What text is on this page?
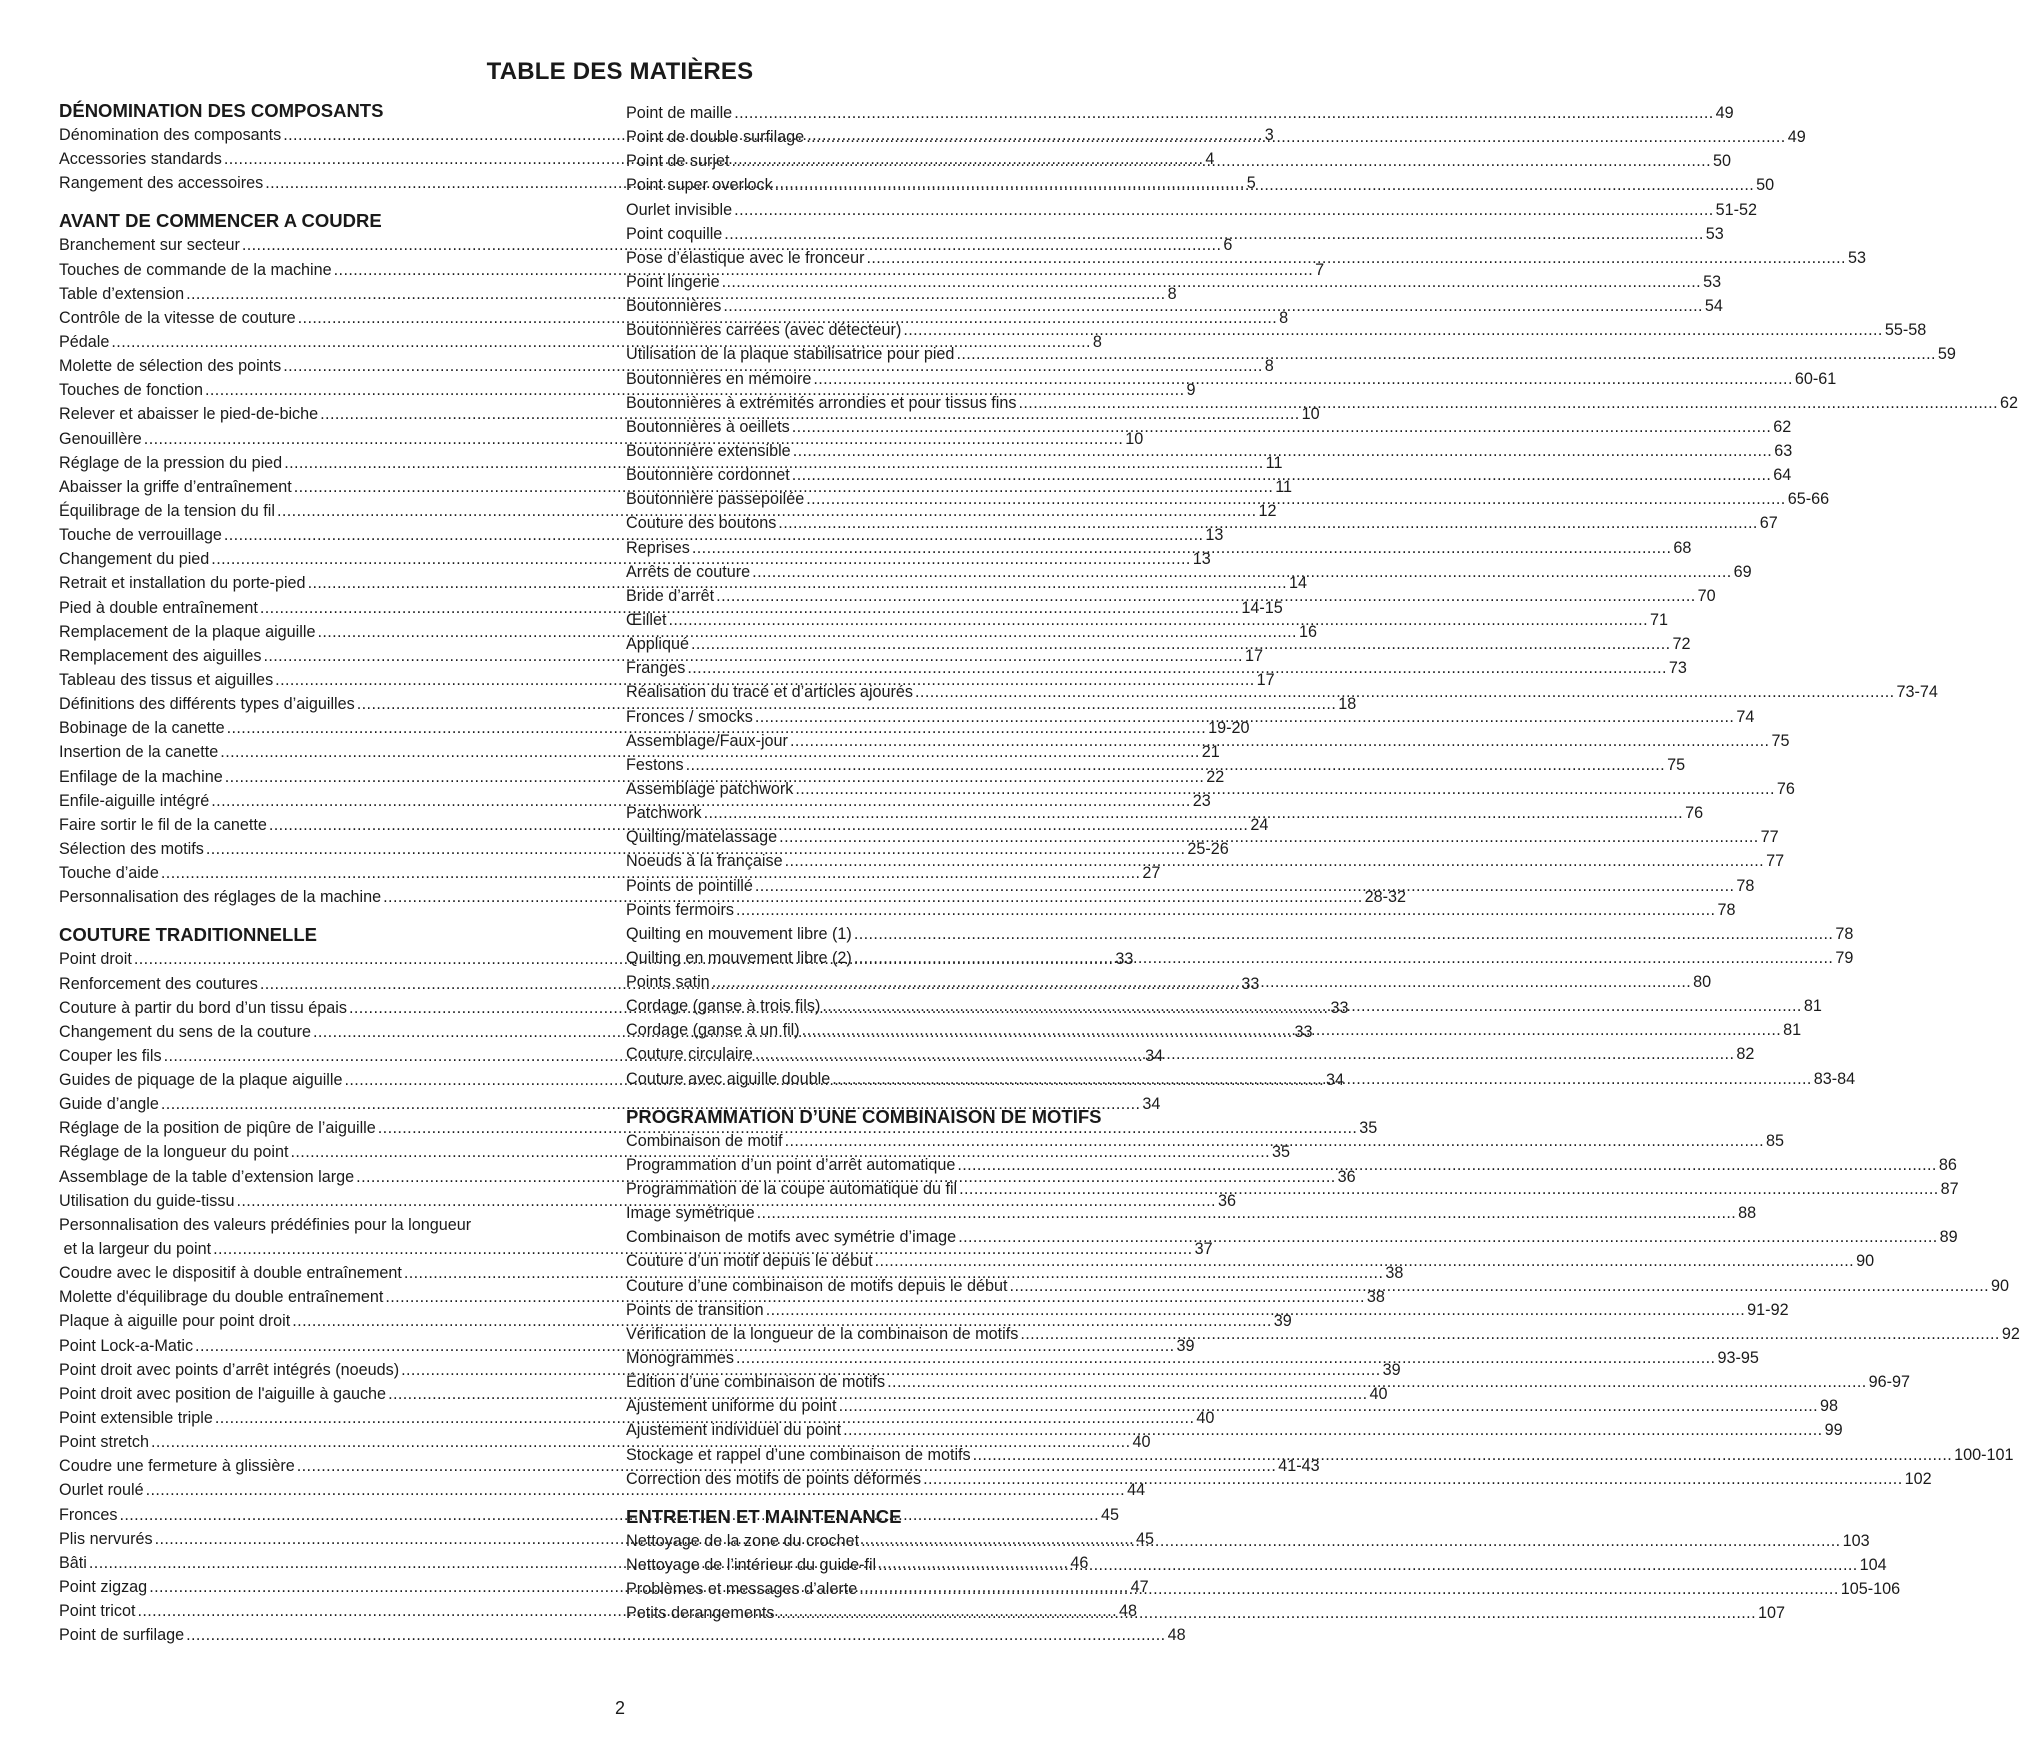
TABLE DES MATIÈRES
DÉNOMINATION DES COMPOSANTS
Dénomination des composants .....	3
Accessories standards .....	4
Rangement des accessoires .....	5
AVANT DE COMMENCER A COUDRE
Branchement sur secteur .....	6
Touches de commande de la machine .....	7
Table d’extension .....	8
Contrôle de la vitesse de couture .....	8
Pédale .....	8
Molette de sélection des points .....	8
Touches de fonction .....	9
Relever et abaisser le pied-de-biche .....	10
Genouillère .....	10
Réglage de la pression du pied .....	11
Abaisser la griffe d’entraînement .....	11
Équilibrage de la tension du fil .....	12
Touche de verrouillage .....	13
Changement du pied .....	13
Retrait et installation du porte-pied .....	14
Pied à double entraînement .....	14-15
Remplacement de la plaque aiguille .....	16
Remplacement des aiguilles .....	17
Tableau des tissus et aiguilles .....	17
Définitions des différents types d’aiguilles .....	18
Bobinage de la canette .....	19-20
Insertion de la canette .....	21
Enfilage de la machine .....	22
Enfile-aiguille intégré .....	23
Faire sortir le fil de la canette .....	24
Sélection des motifs .....	25-26
Touche d’aide .....	27
Personnalisation des réglages de la machine .....	28-32
COUTURE TRADITIONNELLE
Point droit .....	33
Renforcement des coutures .....	33
Couture à partir du bord d’un tissu épais .....	33
Changement du sens de la couture .....	33
Couper les fils .....	34
Guides de piquage de la plaque aiguille .....	34
Guide d’angle .....	34
Réglage de la position de piqûre de l’aiguille .....	35
Réglage de la longueur du point .....	35
Assemblage de la table d’extension large .....	36
Utilisation du guide-tissu .....	36
Personnalisation des valeurs prédéfinies pour la longueur
et la largeur du point .....	37
Coudre avec le dispositif à double entraînement .....	38
Molette d'équilibrage du double entraînement .....	38
Plaque à aiguille pour point droit .....	39
Point Lock-a-Matic .....	39
Point droit avec points d’arrêt intégrés (noeuds) .....	39
Point droit avec position de l'aiguille à gauche .....	40
Point extensible triple .....	40
Point stretch .....	40
Coudre une fermeture à glissière .....	41-43
Ourlet roulé .....	44
Fronces .....	45
Plis nervurés .....	45
Bâti .....	46
Point zigzag .....	47
Point tricot .....	48
Point de surfilage .....	48
Point de maille .....	49
Point de double surfilage .....	49
Point de surjet .....	50
Point super overlock .....	50
Ourlet invisible .....	51-52
Point coquille .....	53
Pose d’élastique avec le fronceur .....	53
Point lingerie .....	53
Boutonnières .....	54
Boutonnières carrées (avec détecteur) .....	55-58
Utilisation de la plaque stabilisatrice pour pied .....	59
Boutonnières en mémoire .....	60-61
Boutonnières à extrémités arrondies et pour tissus fins .....	62
Boutonnières à oeillets .....	62
Boutonnière extensible .....	63
Boutonnière cordonnet .....	64
Boutonnière passepoilée .....	65-66
Couture des boutons .....	67
Reprises .....	68
Arrêts de couture .....	69
Bride d’arrêt .....	70
Œillet .....	71
Appliqué .....	72
Franges .....	73
Réalisation du tracé et d’articles ajourés .....	73-74
Fronces / smocks .....	74
Assemblage/Faux-jour .....	75
Festons .....	75
Assemblage patchwork .....	76
Patchwork .....	76
Quilting/matelassage .....	77
Noeuds à la française .....	77
Points de pointillé .....	78
Points fermoirs .....	78
Quilting en mouvement libre (1) .....	78
Quilting en mouvement libre (2) .....	79
Points satin .....	80
Cordage (ganse à trois fils) .....	81
Cordage (ganse à un fil) .....	81
Couture circulaire .....	82
Couture avec aiguille double .....	83-84
PROGRAMMATION D’UNE COMBINAISON DE MOTIFS
Combinaison de motif .....	85
Programmation d’un point d’arrêt automatique .....	86
Programmation de la coupe automatique du fil .....	87
Image symétrique .....	88
Combinaison de motifs avec symétrie d’image .....	89
Couture d’un motif depuis le début .....	90
Couture d’une combinaison de motifs depuis le début .....	90
Points de transition .....	91-92
Vérification de la longueur de la combinaison de motifs .....	92
Monogrammes .....	93-95
Édition d’une combinaison de motifs .....	96-97
Ajustement uniforme du point .....	98
Ajustement individuel du point .....	99
Stockage et rappel d’une combinaison de motifs .....	100-101
Correction des motifs de points déformés .....	102
ENTRETIEN ET MAINTENANCE
Nettoyage de la zone du crochet .....	103
Nettoyage de l’intérieur du guide-fil .....	104
Problèmes et messages d’alerte .....	105-106
Petits derangements .....	107
2
